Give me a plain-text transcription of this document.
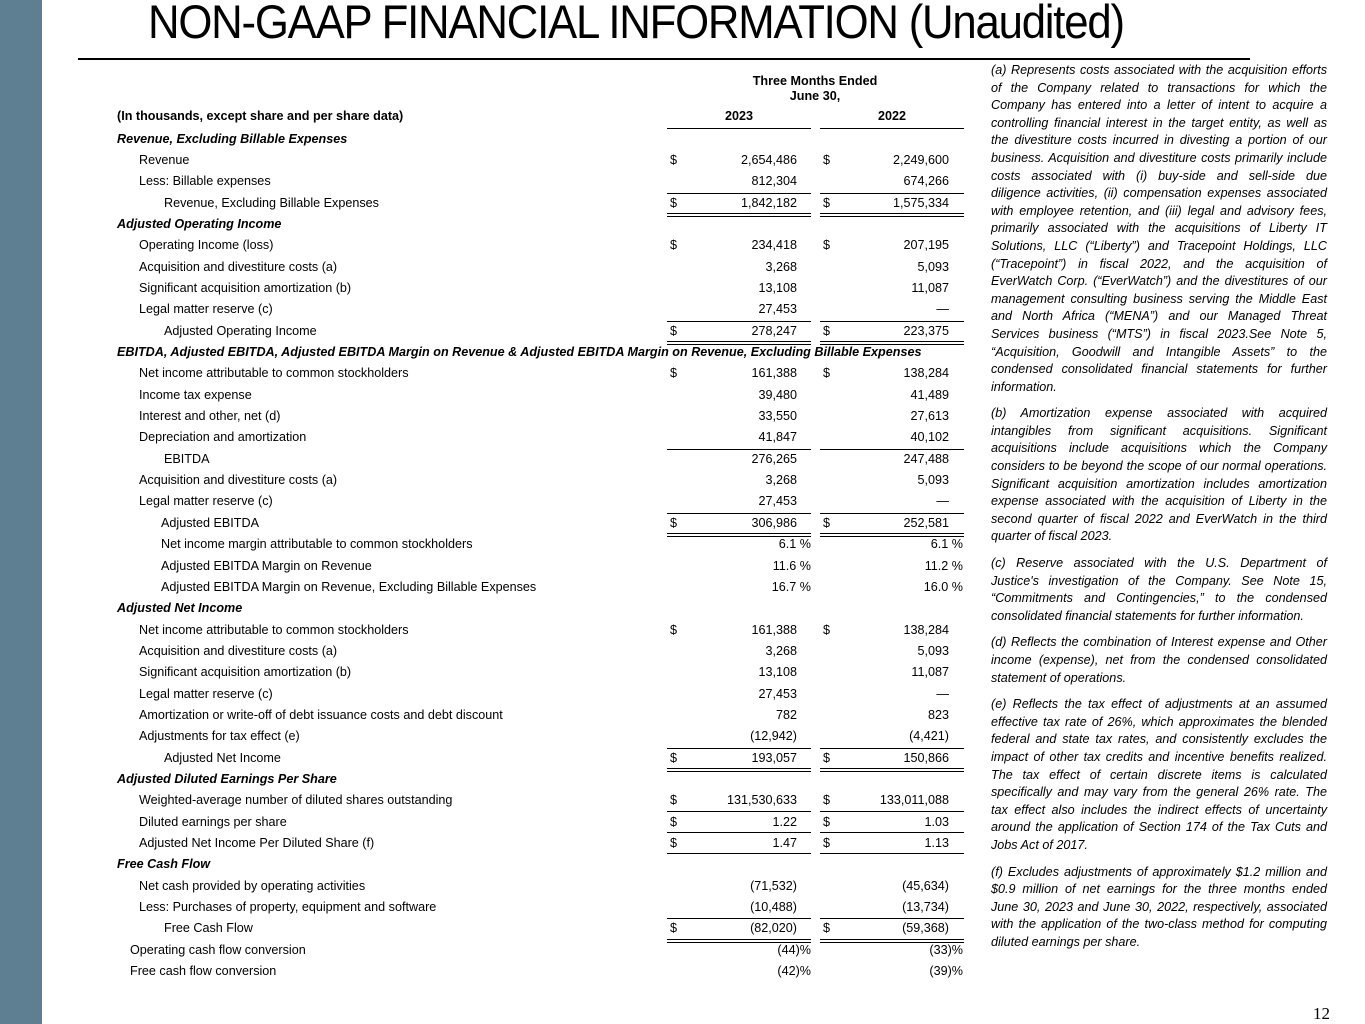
NON-GAAP FINANCIAL INFORMATION (Unaudited)
Three Months Ended
June 30,
(In thousands, except share and per share data)	2023	2022
Revenue, Excluding Billable Expenses
Revenue	$	2,654,486 $	2,249,600
Less: Billable expenses	812,304	674,266
Revenue, Excluding Billable Expenses	$	1,842,182 $	1,575,334
Adjusted Operating Income
Operating Income (loss)	$	234,418 $	207,195
Acquisition and divestiture costs (a)	3,268	5,093
Significant acquisition amortization (b)	13,108	11,087
Legal matter reserve (c)	27,453	—
Adjusted Operating Income	$	278,247 $	223,375
EBITDA, Adjusted EBITDA, Adjusted EBITDA Margin on Revenue & Adjusted EBITDA Margin on Revenue, Excluding Billable Expenses
Net income attributable to common stockholders	$	161,388 $	138,284
Income tax expense	39,480	41,489
Interest and other, net (d)	33,550	27,613
Depreciation and amortization	41,847	40,102
EBITDA	276,265	247,488
Acquisition and divestiture costs (a)	3,268	5,093
Legal matter reserve (c)	27,453	—
Adjusted EBITDA	$	306,986 $	252,581
Net income margin attributable to common stockholders	6.1 %	6.1 %
Adjusted EBITDA Margin on Revenue	11.6 %	11.2 %
Adjusted EBITDA Margin on Revenue, Excluding Billable Expenses	16.7 %	16.0 %
Adjusted Net Income
Net income attributable to common stockholders	$	161,388 $	138,284
Acquisition and divestiture costs (a)	3,268	5,093
Significant acquisition amortization (b)	13,108	11,087
Legal matter reserve (c)	27,453	—
Amortization or write-off of debt issuance costs and debt discount	782	823
Adjustments for tax effect (e)	(12,942)	(4,421)
Adjusted Net Income	$	193,057 $	150,866
Adjusted Diluted Earnings Per Share
Weighted-average number of diluted shares outstanding	$	131,530,633 $	133,011,088
Diluted earnings per share	$	1.22 $	1.03
Adjusted Net Income Per Diluted Share (f)	$	1.47 $	1.13
Free Cash Flow
Net cash provided by operating activities	(71,532)	(45,634)
Less: Purchases of property, equipment and software	(10,488)	(13,734)
Free Cash Flow	$	(82,020) $	(59,368)
Operating cash flow conversion	(44)%	(33)%
Free cash flow conversion	(42)%	(39)%

(a) Represents costs associated with the acquisition efforts of the Company related to transactions for which the Company has entered into a letter of intent to acquire a controlling financial interest in the target entity, as well as the divestiture costs incurred in divesting a portion of our business. Acquisition and divestiture costs primarily include costs associated with (i) buy-side and sell-side due diligence activities, (ii) compensation expenses associated with employee retention, and (iii) legal and advisory fees, primarily associated with the acquisitions of Liberty IT Solutions, LLC (“Liberty”) and Tracepoint Holdings, LLC (“Tracepoint”) in fiscal 2022, and the acquisition of EverWatch Corp. (“EverWatch”) and the divestitures of our management consulting business serving the Middle East and North Africa (“MENA”) and our Managed Threat Services business (“MTS”) in fiscal 2023.See Note 5, “Acquisition, Goodwill and Intangible Assets” to the condensed consolidated financial statements for further information.

(b) Amortization expense associated with acquired intangibles from significant acquisitions. Significant acquisitions include acquisitions which the Company considers to be beyond the scope of our normal operations. Significant acquisition amortization includes amortization expense associated with the acquisition of Liberty in the second quarter of fiscal 2022 and EverWatch in the third quarter of fiscal 2023.

(c) Reserve associated with the U.S. Department of Justice's investigation of the Company. See Note 15, “Commitments and Contingencies,” to the condensed consolidated financial statements for further information.

(d) Reflects the combination of Interest expense and Other income (expense), net from the condensed consolidated statement of operations.

(e) Reflects the tax effect of adjustments at an assumed effective tax rate of 26%, which approximates the blended federal and state tax rates, and consistently excludes the impact of other tax credits and incentive benefits realized. The tax effect of certain discrete items is calculated specifically and may vary from the general 26% rate. The tax effect also includes the indirect effects of uncertainty around the application of Section 174 of the Tax Cuts and Jobs Act of 2017.

(f) Excludes adjustments of approximately $1.2 million and $0.9 million of net earnings for the three months ended June 30, 2023 and June 30, 2022, respectively, associated with the application of the two-class method for computing diluted earnings per share.

12
